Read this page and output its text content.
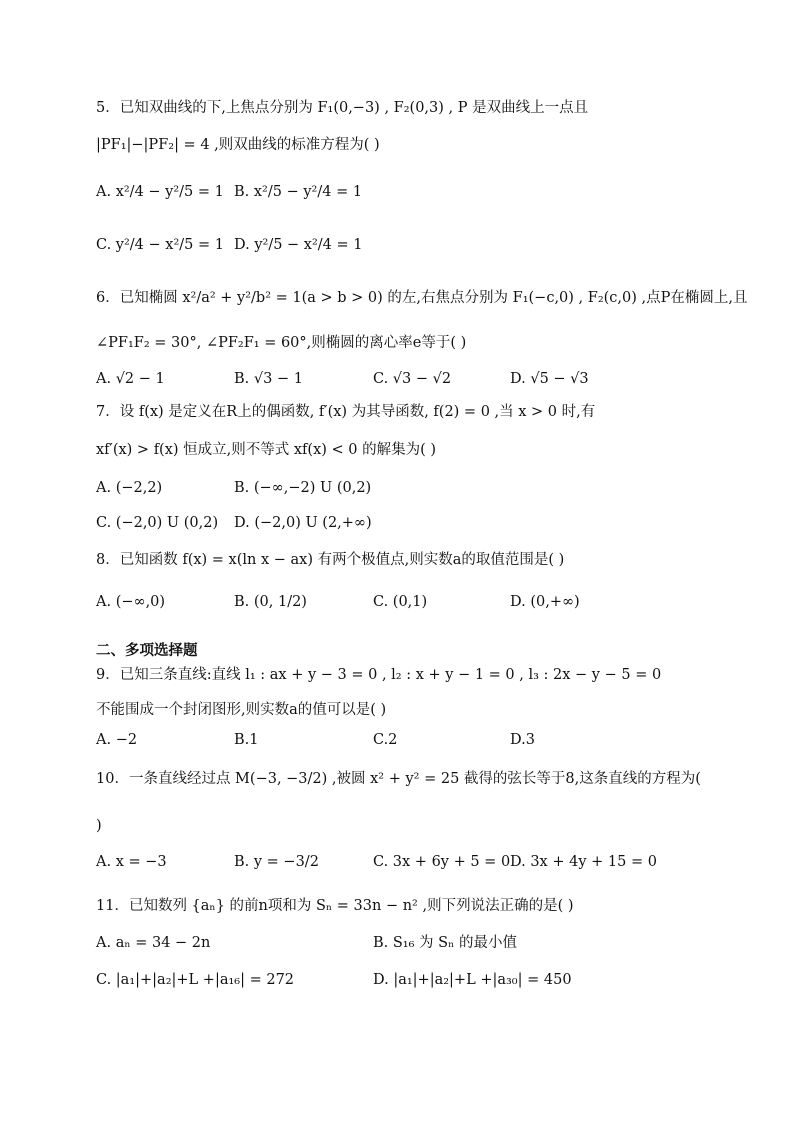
5．已知双曲线的下,上焦点分别为 F₁(0,−3) , F₂(0,3) , P 是双曲线上一点且
|PF₁|−|PF₂| = 4 ,则双曲线的标准方程为( )
A. x²/4 − y²/5 = 1 B. x²/5 − y²/4 = 1
C. y²/4 − x²/5 = 1 D. y²/5 − x²/4 = 1
6．已知椭圆 x²/a² + y²/b² = 1(a > b > 0) 的左,右焦点分别为 F₁(−c,0) , F₂(c,0) ,点P在椭圆上,且
∠PF₁F₂ = 30°, ∠PF₂F₁ = 60°,则椭圆的离心率e等于( )
A. √2 − 1	B. √3 − 1	C. √3 − √2	D. √5 − √3
7．设 f(x) 是定义在R上的偶函数, f′(x) 为其导函数, f(2) = 0 ,当 x > 0 时,有
xf′(x) > f(x) 恒成立,则不等式 xf(x) < 0 的解集为( )
A. (−2,2)	B. (−∞,−2) U (0,2)
C. (−2,0) U (0,2) D. (−2,0) U (2,+∞)
8．已知函数 f(x) = x(ln x − ax) 有两个极值点,则实数a的取值范围是( )
A. (−∞,0)	B. (0, 1/2)	C. (0,1)	D. (0,+∞)
二、多项选择题
9．已知三条直线:直线 l₁ : ax + y − 3 = 0 , l₂ : x + y − 1 = 0 , l₃ : 2x − y − 5 = 0
不能围成一个封闭图形,则实数a的值可以是( )
A. −2	B.1	C.2	D.3
10．一条直线经过点 M(−3, −3/2) ,被圆 x² + y² = 25 截得的弦长等于8,这条直线的方程为(
)
A. x = −3	B. y = −3/2	C. 3x + 6y + 5 = 0 D. 3x + 4y + 15 = 0
11．已知数列 {aₙ} 的前n项和为 Sₙ = 33n − n² ,则下列说法正确的是( )
A. aₙ = 34 − 2n	B. S₁₆ 为 Sₙ 的最小值
C. |a₁|+|a₂|+L +|a₁₆| = 272	D. |a₁|+|a₂|+L +|a₃₀| = 450
